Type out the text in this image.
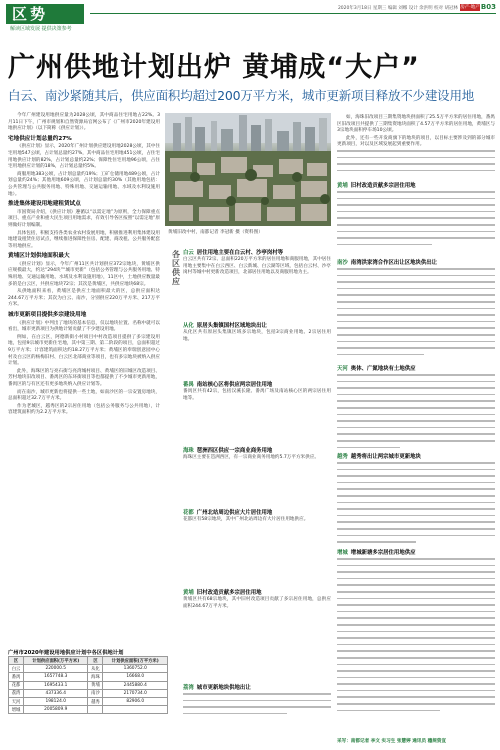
区势
解读区域发展 提供决策参考
2020年3月18日 星期三 编辑 刘娜 设计 余洪明 校对 胡冠林 房产·地产 B03
广州供地计划出炉 黄埔成“大户”
白云、南沙紧随其后，供应面积均超过200万平方米，城市更新项目释放不少建设用地

今年广州建设用地供应量为2028公顷，其中商品住宅用地占22%。3月11日下午，广州市规划和自然资源局官网公布了《广州市2020年建设用地供应计划》（以下简称《供应计划》）。

宅地供应计划总量约27%

《供应计划》显示，2020年广州计划供应建设用地2028公顷，其中住宅用地547公顷，占计划总量约27%，其中商品住宅用地451公顷，占住宅用地供应计划的82%，占计划总量约22%；保障性住宅用地96公顷，占住宅用地供应计划的18%，占计划总量约5%。

商服用地383公顷，占计划总量约19%；工矿仓储用地489公顷，占计划总量约24%；其他用地609公顷，占计划总量约30%（其他用地包括：公共管理与公共服务用地、特殊用地、交通运输用地、水域及水利设施用地）。

推进集体建设用地建租赁试点

市国资局介绍，《供应计划》遵循以“以需定地”为原则，全力保障重点项目、重点产业和重大民生项目用地需求，有效引导各区按照“以需定地”原则做好计划编制。

具体包括，积极支持各类农业农村发展用地，积极推进利用集体建设用地建设租赁住房试点，继续推进保障性住房、配建、商改租、公共服务配套等用地供应。

黄埔区计划供地面积最大

《供应计划》显示，今年广州11区共计划供应372宗地块，黄埔区供应规模最大，约达“294块”“城市更新”（包括公务管理与公共服务用地、特殊用地、交通运输用地、水域及水利设施用地），11区中，土地供应数量最多的是白云区，共供应地块72宗；其次是黄埔区，共供应地块68宗。

从供地面积来看，黄埔区是供应土地面积最大的区，总供应面积达244.67万平方米；其次为白云、南沙，分别供应220万平方米、217万平方米。

城市更新项目提供多宗建设用地

《供应计划》中列出了地块的基本信息，仅以地块位置、名称中就可以看出，城市更新项目为供地计划贡献了不少建设用地。

例如，在白云区，阿德新街小村项目中村改造项目提供了多宗建设用地，包括9宗城市更新住宅地，其中第三期、第二阶段的项目，总面积超过9万平方米；计容建筑面积达约18.27万平方米；黄埔区的奉瑞创意园中心村及白云区的杨梅旧村、白云区北部商业等项目，也有多宗地块被纳入供应计划。

此外，海珠区的与亮石街与亮湾城村项目、黄埔区的旧城区改造项目、芳村地块旧改项目、番禺区的东环街项目等也都提供了不少城市更新用地，番禺区的与有区还有更多地块纳入供应计划等。

而在南沙，城市更新也将提供一些土地，如南沙区的一宗安置房地块，总面积超过32.7万平方米。

作为老城区，越秀区的2宗居住用地（包括公务服务与公共用地），计容建筑面积约为2.2万平方米。

黄埔旧改中村，南都记者 李冠新 摄（资料图）

如，海珠旧改项目三期集资地块供面积了25.5万平方米的居住用地，番禺区旧改项目共提供了三期集资地块面积了4.57万平方米的居住用地，黄埔区与3宗地块面积停车场10公顷。

此外，还有一些开发商旗下的地块的项目，以目标主要涉及到的部分城市更新项目，对以及区域发展起到重要作用。

各区供应
白云 居住用地主要在白云村、沙亭岗村等
白云区共有72宗、总面积220万平方米的居住用地和商服用地，其中居住用地主要集中在白云西区、白云新城、白云湖等区域，包括白云村、沙亭岗村等城中村更新改造项目，北部居住用地以及商服用地为主。
从化 原居头集镇国村区域地块出让
从化区共有原居头集镇区域多宗地块，包括3宗商业用地、2宗居住用地。
番禺 南站核心区将供应两宗居住用地
番禺区共有42宗，包括汉溪长隆、番禺广场及南站核心区的两宗居住用地等。
海珠 琶洲西区供应一宗商业商务用地
海珠区主要在琶洲西区，有一宗商业商务用地约5.7万平方米供应。
花都 广州北站周边供应大片居住用地
花都区有58宗地块，其中广州北站周边有大片居住用地供应。
黄埔 旧村改造贡献多宗居住用地
黄埔区共有68宗地块，其中旧村改造项目贡献了多宗居住用地，总供应面积244.67万平方米。
荔湾 城市更新地块供地出让
黄埔 旧村改造贡献多宗居住用地
南沙 南湾洪家湾合作区出让区地块供出让
天河 奥体、广氮地块有土地供应
越秀 越秀将出让两宗城市更新地块
增城 增城新塘多宗居住用地供应
广州市2020年建设用地供应计划中各区供地计划
区	计划供应面积(万平方米)	区	计划供应面积(万平方米)
白云	220000.5	从化	1360752.0
番禺	1657748.3	海珠	16668.0
花都	1695433.1	黄埔	2445880.4
荔湾	437336.4	南沙	2170734.0
天河	198124.0	越秀	82906.0
增城	2005809.9		
采写：南都记者 李文 实习生 张慧婷 通讯员 穗规资宣
